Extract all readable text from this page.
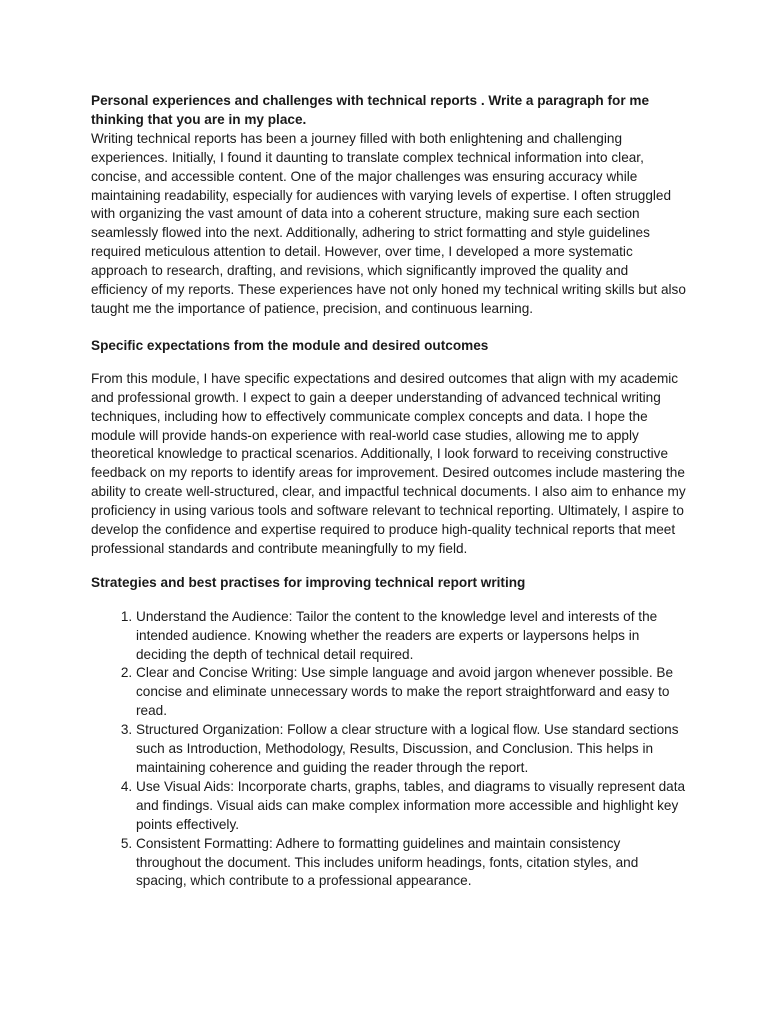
Personal experiences and challenges with technical reports . Write a paragraph for me thinking that you are in my place.

Writing technical reports has been a journey filled with both enlightening and challenging experiences. Initially, I found it daunting to translate complex technical information into clear, concise, and accessible content. One of the major challenges was ensuring accuracy while maintaining readability, especially for audiences with varying levels of expertise. I often struggled with organizing the vast amount of data into a coherent structure, making sure each section seamlessly flowed into the next. Additionally, adhering to strict formatting and style guidelines required meticulous attention to detail. However, over time, I developed a more systematic approach to research, drafting, and revisions, which significantly improved the quality and efficiency of my reports. These experiences have not only honed my technical writing skills but also taught me the importance of patience, precision, and continuous learning.

Specific expectations from the module and desired outcomes

From this module, I have specific expectations and desired outcomes that align with my academic and professional growth. I expect to gain a deeper understanding of advanced technical writing techniques, including how to effectively communicate complex concepts and data. I hope the module will provide hands-on experience with real-world case studies, allowing me to apply theoretical knowledge to practical scenarios. Additionally, I look forward to receiving constructive feedback on my reports to identify areas for improvement. Desired outcomes include mastering the ability to create well-structured, clear, and impactful technical documents. I also aim to enhance my proficiency in using various tools and software relevant to technical reporting. Ultimately, I aspire to develop the confidence and expertise required to produce high-quality technical reports that meet professional standards and contribute meaningfully to my field.

Strategies and best practises for improving technical report writing

1. Understand the Audience: Tailor the content to the knowledge level and interests of the intended audience. Knowing whether the readers are experts or laypersons helps in deciding the depth of technical detail required.
2. Clear and Concise Writing: Use simple language and avoid jargon whenever possible. Be concise and eliminate unnecessary words to make the report straightforward and easy to read.
3. Structured Organization: Follow a clear structure with a logical flow. Use standard sections such as Introduction, Methodology, Results, Discussion, and Conclusion. This helps in maintaining coherence and guiding the reader through the report.
4. Use Visual Aids: Incorporate charts, graphs, tables, and diagrams to visually represent data and findings. Visual aids can make complex information more accessible and highlight key points effectively.
5. Consistent Formatting: Adhere to formatting guidelines and maintain consistency throughout the document. This includes uniform headings, fonts, citation styles, and spacing, which contribute to a professional appearance.
